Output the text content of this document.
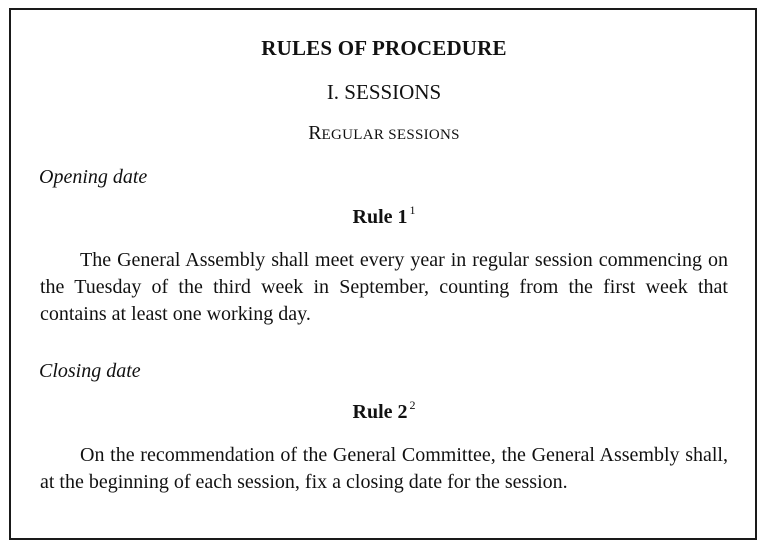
RULES OF PROCEDURE
I. SESSIONS
REGULAR SESSIONS
Opening date
Rule 1 $^1$
The General Assembly shall meet every year in regular session commencing on the Tuesday of the third week in September, counting from the first week that contains at least one working day.
Closing date
Rule 2 $^2$
On the recommendation of the General Committee, the General Assembly shall, at the beginning of each session, fix a closing date for the session.
